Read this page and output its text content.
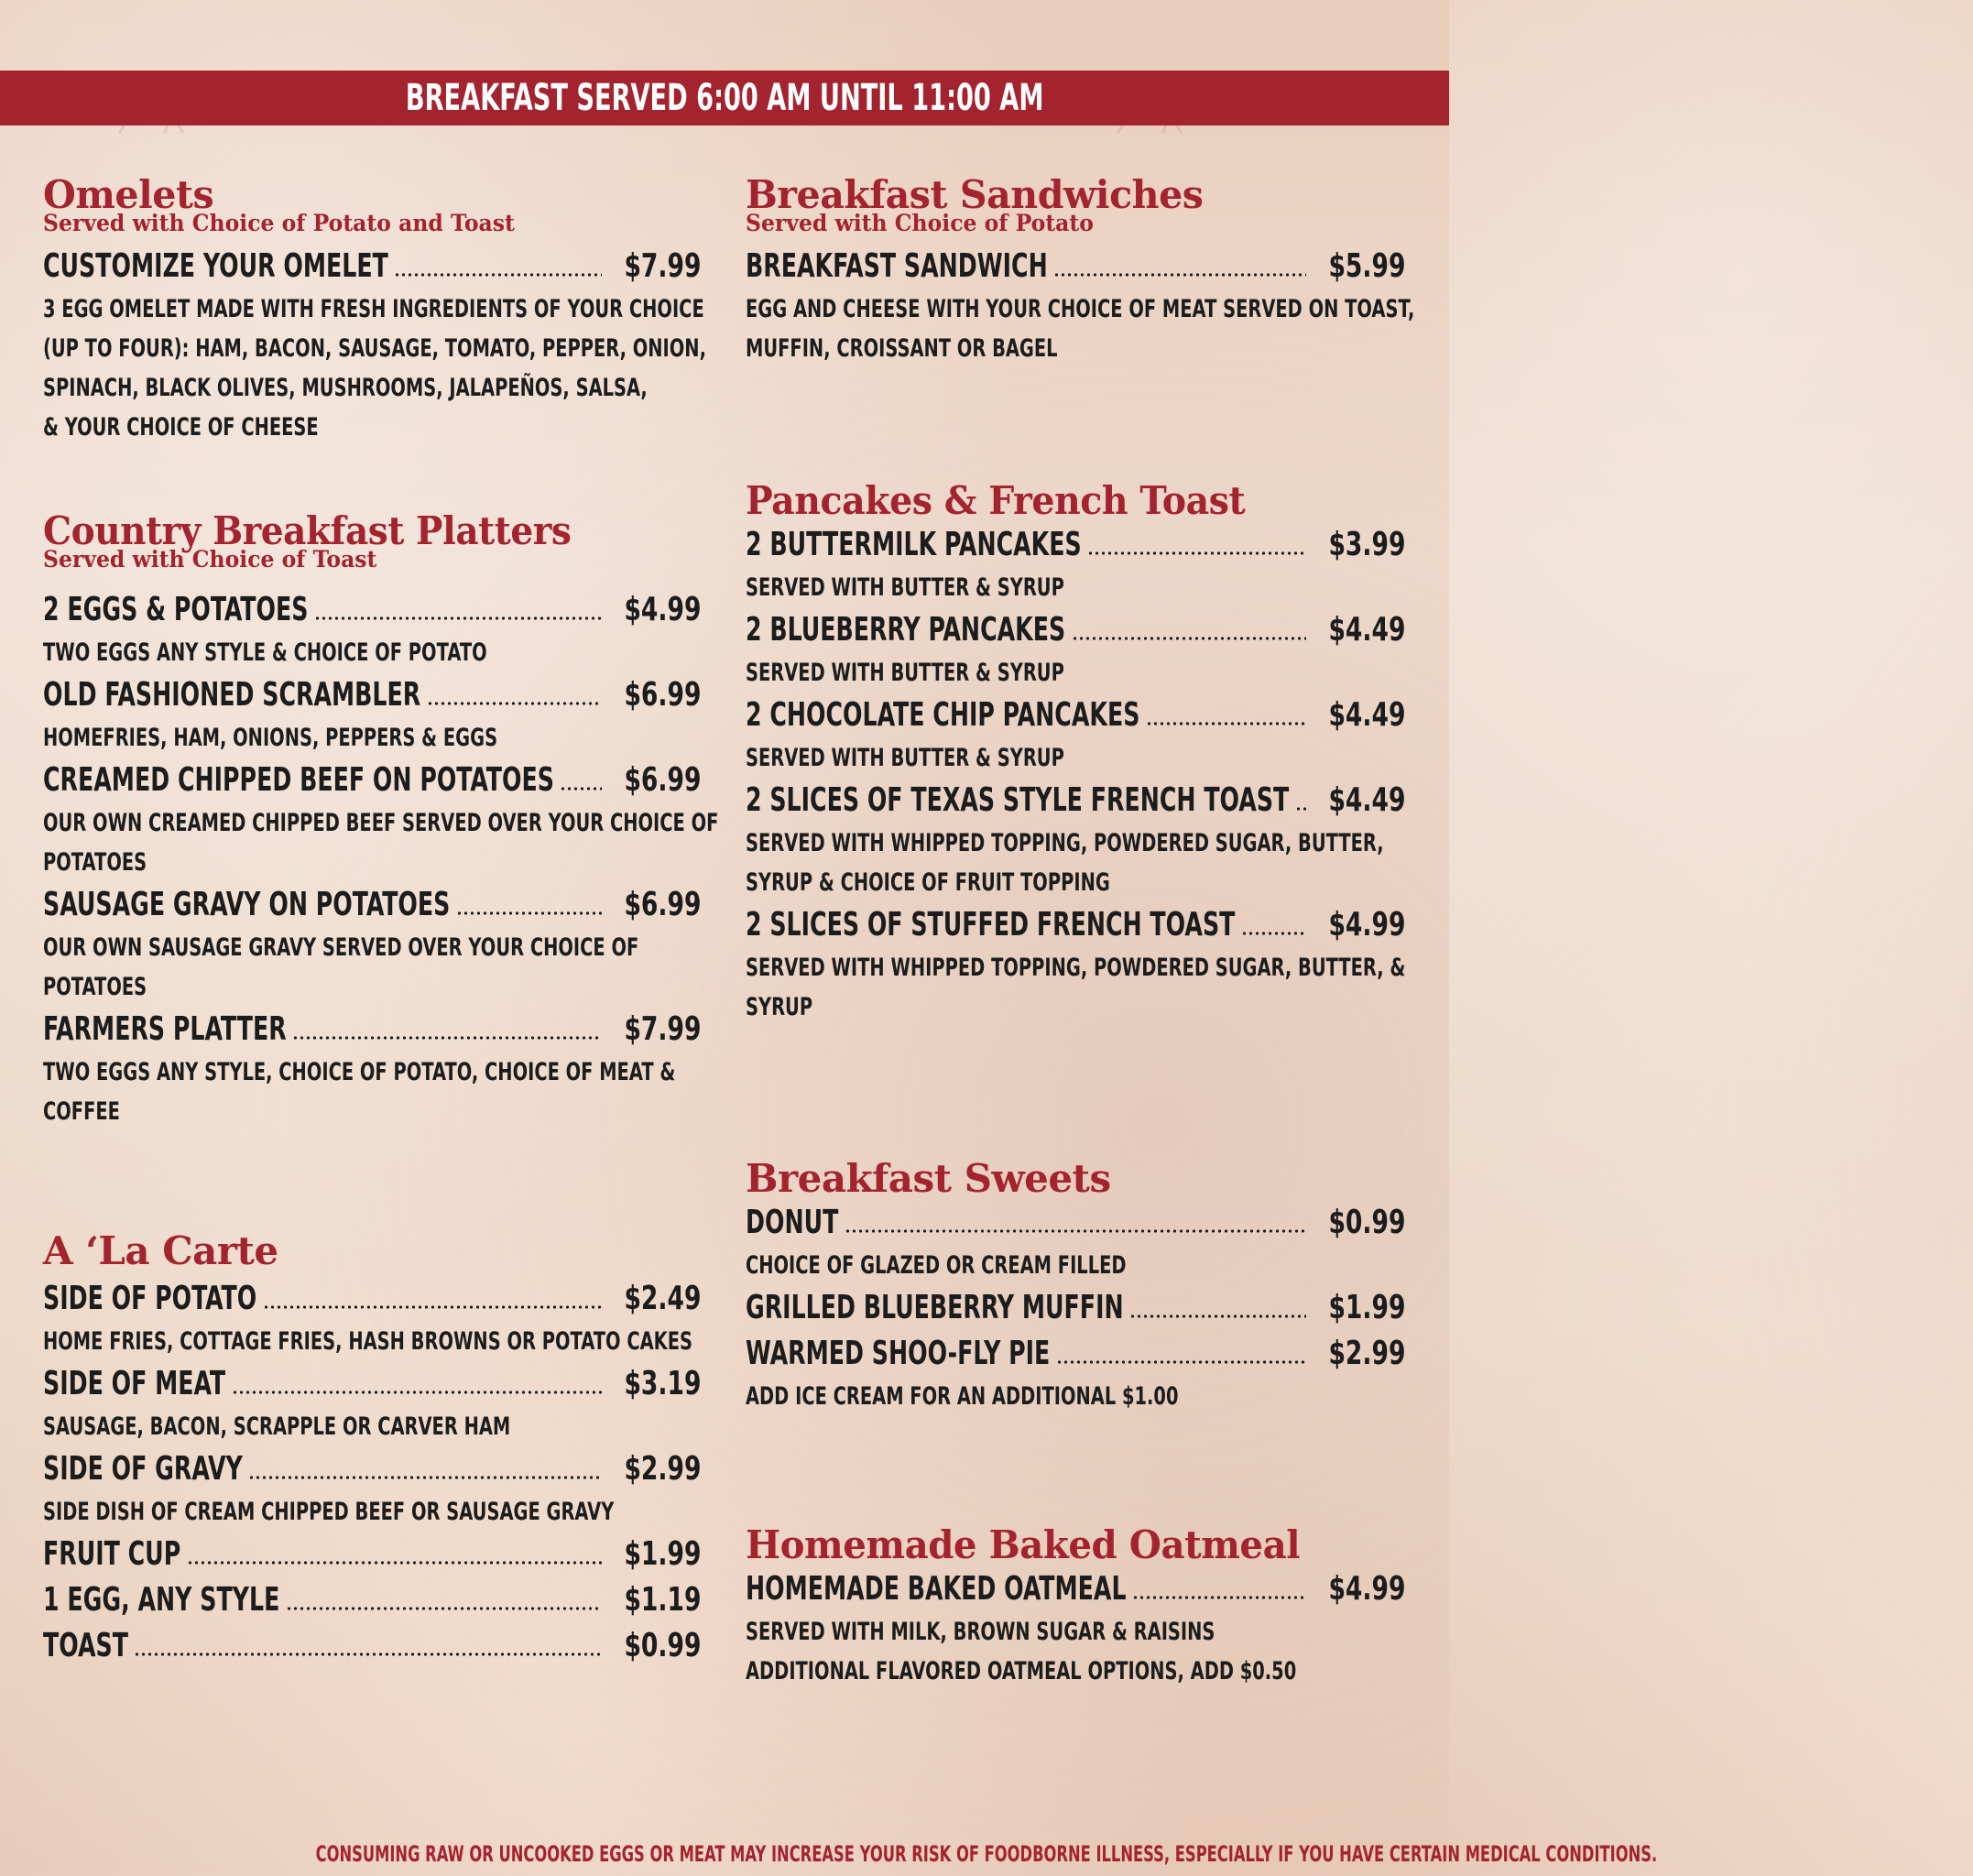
BREAKFAST SERVED 6:00 AM UNTIL 11:00 AM
Omelets
Served with Choice of Potato and Toast
CUSTOMIZE YOUR OMELET	$7.99
3 EGG OMELET MADE WITH FRESH INGREDIENTS OF YOUR CHOICE
(UP TO FOUR): HAM, BACON, SAUSAGE, TOMATO, PEPPER, ONION,
SPINACH, BLACK OLIVES, MUSHROOMS, JALAPEÑOS, SALSA,
& YOUR CHOICE OF CHEESE
Country Breakfast Platters
Served with Choice of Toast
2 EGGS & POTATOES	$4.99
TWO EGGS ANY STYLE & CHOICE OF POTATO
OLD FASHIONED SCRAMBLER	$6.99
HOMEFRIES, HAM, ONIONS, PEPPERS & EGGS
CREAMED CHIPPED BEEF ON POTATOES $6.99
OUR OWN CREAMED CHIPPED BEEF SERVED OVER YOUR CHOICE OF
POTATOES
SAUSAGE GRAVY ON POTATOES	$6.99
OUR OWN SAUSAGE GRAVY SERVED OVER YOUR CHOICE OF
POTATOES
FARMERS PLATTER	$7.99
TWO EGGS ANY STYLE, CHOICE OF POTATO, CHOICE OF MEAT &
COFFEE
A ‘La Carte
SIDE OF POTATO	$2.49
HOME FRIES, COTTAGE FRIES, HASH BROWNS OR POTATO CAKES
SIDE OF MEAT	$3.19
SAUSAGE, BACON, SCRAPPLE OR CARVER HAM
SIDE OF GRAVY	$2.99
SIDE DISH OF CREAM CHIPPED BEEF OR SAUSAGE GRAVY
FRUIT CUP	$1.99
1 EGG, ANY STYLE	$1.19
TOAST	$0.99
Breakfast Sandwiches
Served with Choice of Potato
BREAKFAST SANDWICH	$5.99
EGG AND CHEESE WITH YOUR CHOICE OF MEAT SERVED ON TOAST,
MUFFIN, CROISSANT OR BAGEL
Pancakes & French Toast
2 BUTTERMILK PANCAKES	$3.99
SERVED WITH BUTTER & SYRUP
2 BLUEBERRY PANCAKES	$4.49
SERVED WITH BUTTER & SYRUP
2 CHOCOLATE CHIP PANCAKES	$4.49
SERVED WITH BUTTER & SYRUP
2 SLICES OF TEXAS STYLE FRENCH TOAST $4.49
SERVED WITH WHIPPED TOPPING, POWDERED SUGAR, BUTTER,
SYRUP & CHOICE OF FRUIT TOPPING
2 SLICES OF STUFFED FRENCH TOAST	$4.99
SERVED WITH WHIPPED TOPPING, POWDERED SUGAR, BUTTER, &
SYRUP
Breakfast Sweets
DONUT	$0.99
CHOICE OF GLAZED OR CREAM FILLED
GRILLED BLUEBERRY MUFFIN	$1.99
WARMED SHOO-FLY PIE	$2.99
ADD ICE CREAM FOR AN ADDITIONAL $1.00
Homemade Baked Oatmeal
HOMEMADE BAKED OATMEAL	$4.99
SERVED WITH MILK, BROWN SUGAR & RAISINS
ADDITIONAL FLAVORED OATMEAL OPTIONS, ADD $0.50
CONSUMING RAW OR UNCOOKED EGGS OR MEAT MAY INCREASE YOUR RISK OF FOODBORNE ILLNESS, ESPECIALLY IF YOU HAVE CERTAIN MEDICAL CONDITIONS.
